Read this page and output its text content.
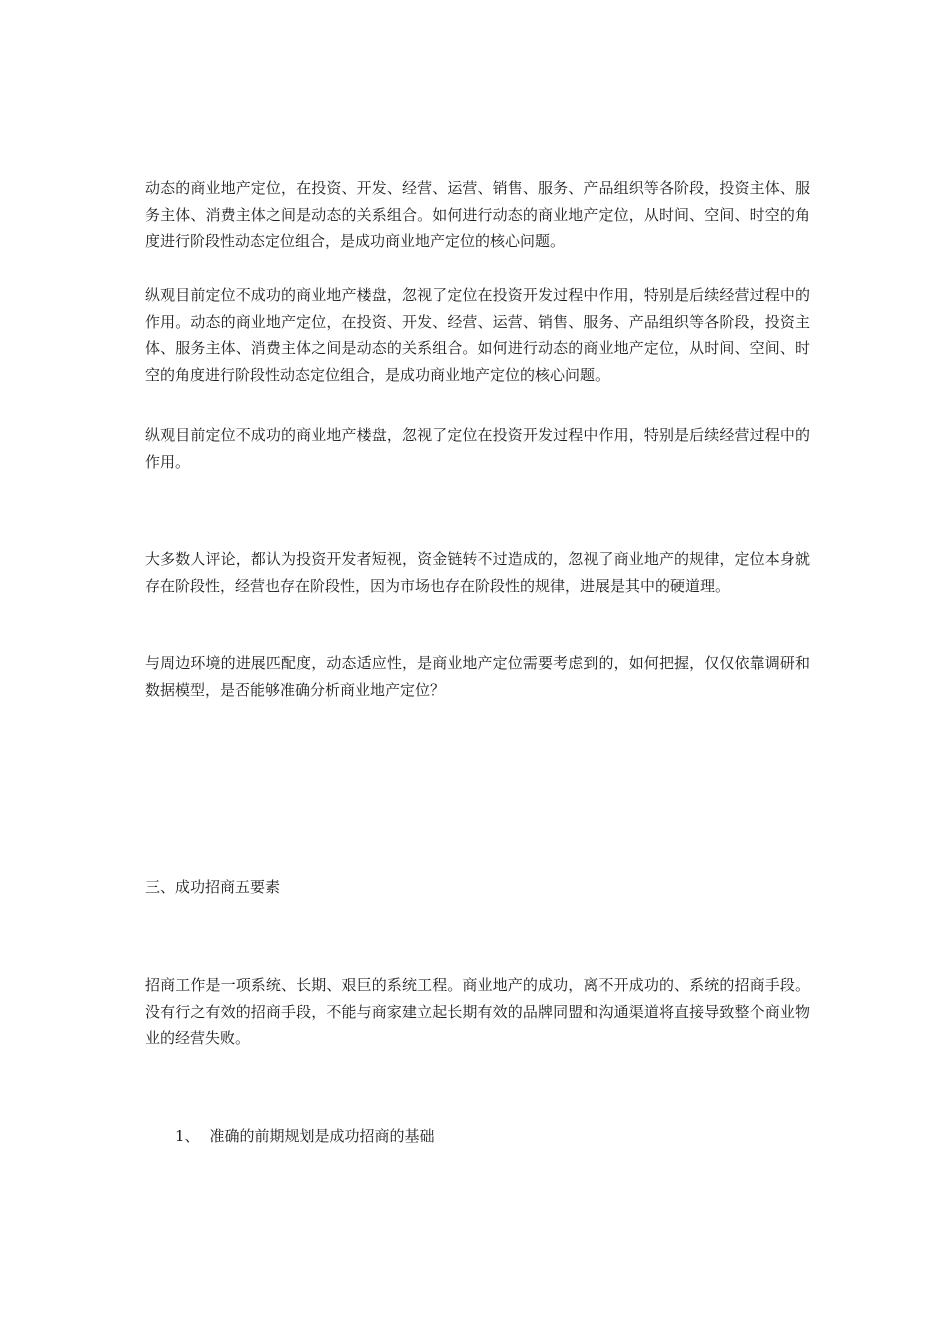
动态的商业地产定位，在投资、开发、经营、运营、销售、服务、产品组织等各阶段，投资主体、服务主体、消费主体之间是动态的关系组合。如何进行动态的商业地产定位，从时间、空间、时空的角度进行阶段性动态定位组合，是成功商业地产定位的核心问题。

纵观目前定位不成功的商业地产楼盘，忽视了定位在投资开发过程中作用，特别是后续经营过程中的作用。动态的商业地产定位，在投资、开发、经营、运营、销售、服务、产品组织等各阶段，投资主体、服务主体、消费主体之间是动态的关系组合。如何进行动态的商业地产定位，从时间、空间、时空的角度进行阶段性动态定位组合，是成功商业地产定位的核心问题。

纵观目前定位不成功的商业地产楼盘，忽视了定位在投资开发过程中作用，特别是后续经营过程中的作用。

大多数人评论，都认为投资开发者短视，资金链转不过造成的，忽视了商业地产的规律，定位本身就存在阶段性，经营也存在阶段性，因为市场也存在阶段性的规律，进展是其中的硬道理。

与周边环境的进展匹配度，动态适应性，是商业地产定位需要考虑到的，如何把握，仅仅依靠调研和数据模型，是否能够准确分析商业地产定位？

三、成功招商五要素

招商工作是一项系统、长期、艰巨的系统工程。商业地产的成功，离不开成功的、系统的招商手段。没有行之有效的招商手段，不能与商家建立起长期有效的品牌同盟和沟通渠道将直接导致整个商业物业的经营失败。

1、 准确的前期规划是成功招商的基础
